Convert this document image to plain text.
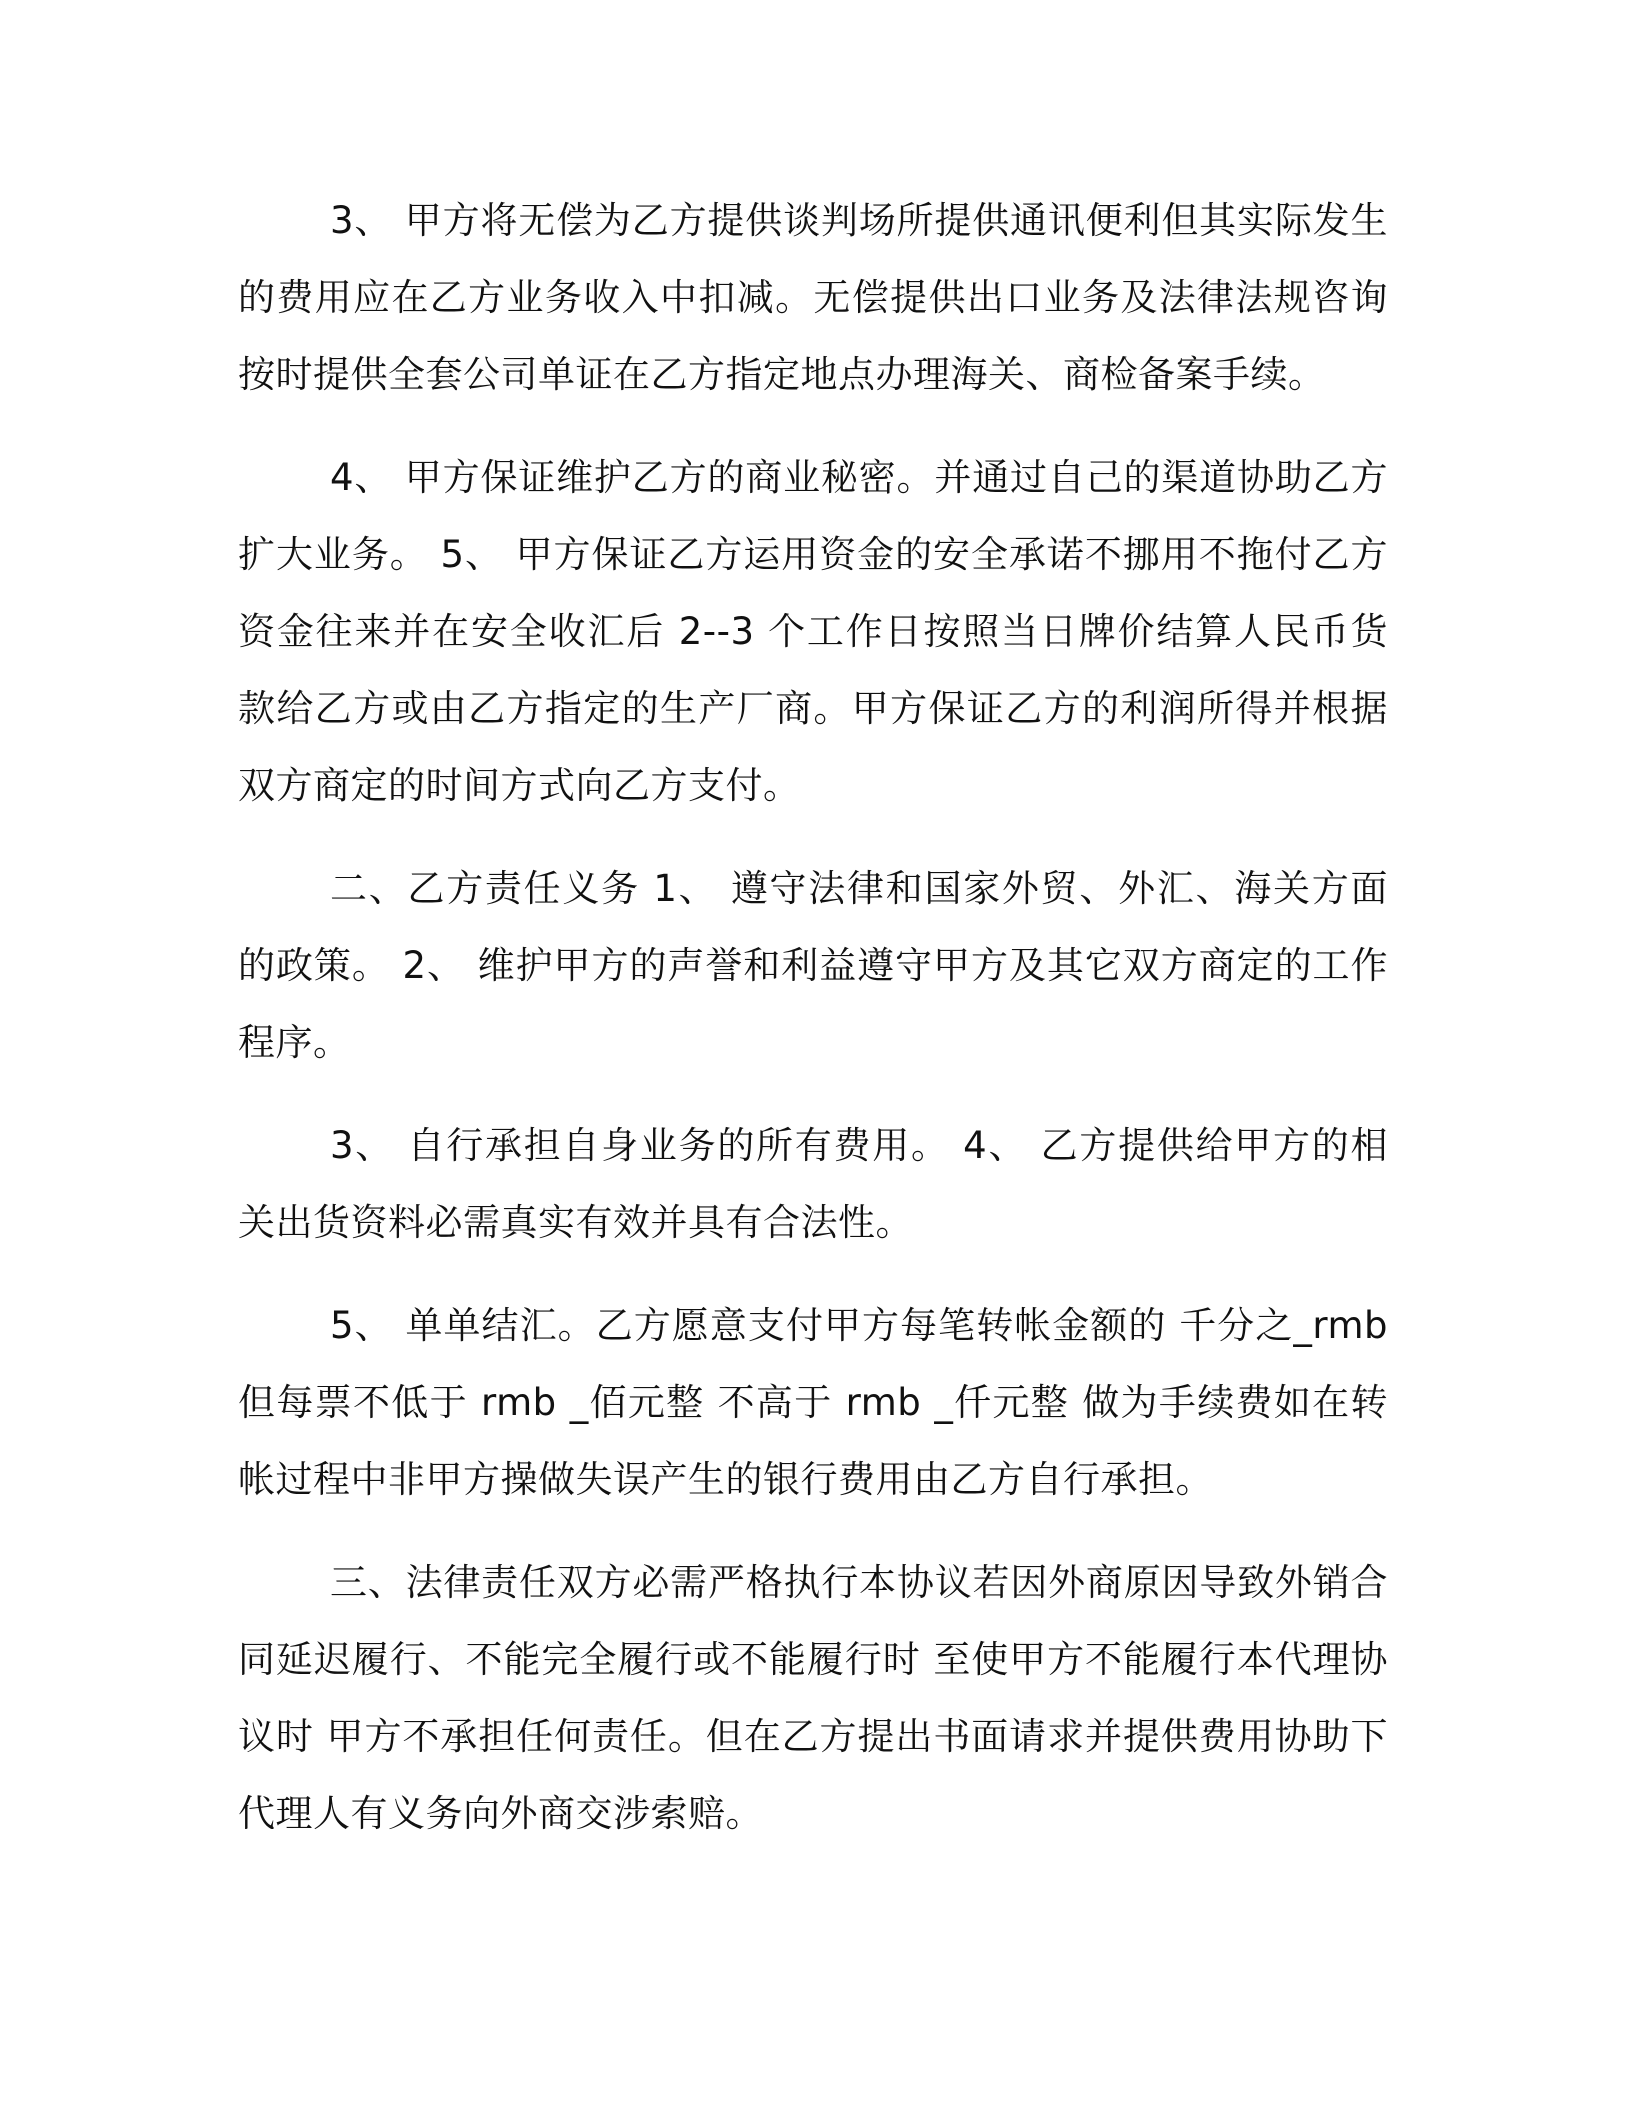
3、 甲方将无偿为乙方提供谈判场所提供通讯便利但其实际发生的费用应在乙方业务收入中扣减。无偿提供出口业务及法律法规咨询按时提供全套公司单证在乙方指定地点办理海关、商检备案手续。

4、 甲方保证维护乙方的商业秘密。并通过自己的渠道协助乙方扩大业务。 5、 甲方保证乙方运用资金的安全承诺不挪用不拖付乙方资金往来并在安全收汇后 2--3 个工作日按照当日牌价结算人民币货款给乙方或由乙方指定的生产厂商。甲方保证乙方的利润所得并根据双方商定的时间方式向乙方支付。

二、乙方责任义务 1、 遵守法律和国家外贸、外汇、海关方面的政策。 2、 维护甲方的声誉和利益遵守甲方及其它双方商定的工作程序。

3、 自行承担自身业务的所有费用。 4、 乙方提供给甲方的相关出货资料必需真实有效并具有合法性。

5、 单单结汇。乙方愿意支付甲方每笔转帐金额的 千分之_rmb 但每票不低于 rmb _佰元整 不高于 rmb _仟元整 做为手续费如在转帐过程中非甲方操做失误产生的银行费用由乙方自行承担。

三、法律责任双方必需严格执行本协议若因外商原因导致外销合同延迟履行、不能完全履行或不能履行时 至使甲方不能履行本代理协议时 甲方不承担任何责任。但在乙方提出书面请求并提供费用协助下代理人有义务向外商交涉索赔。
